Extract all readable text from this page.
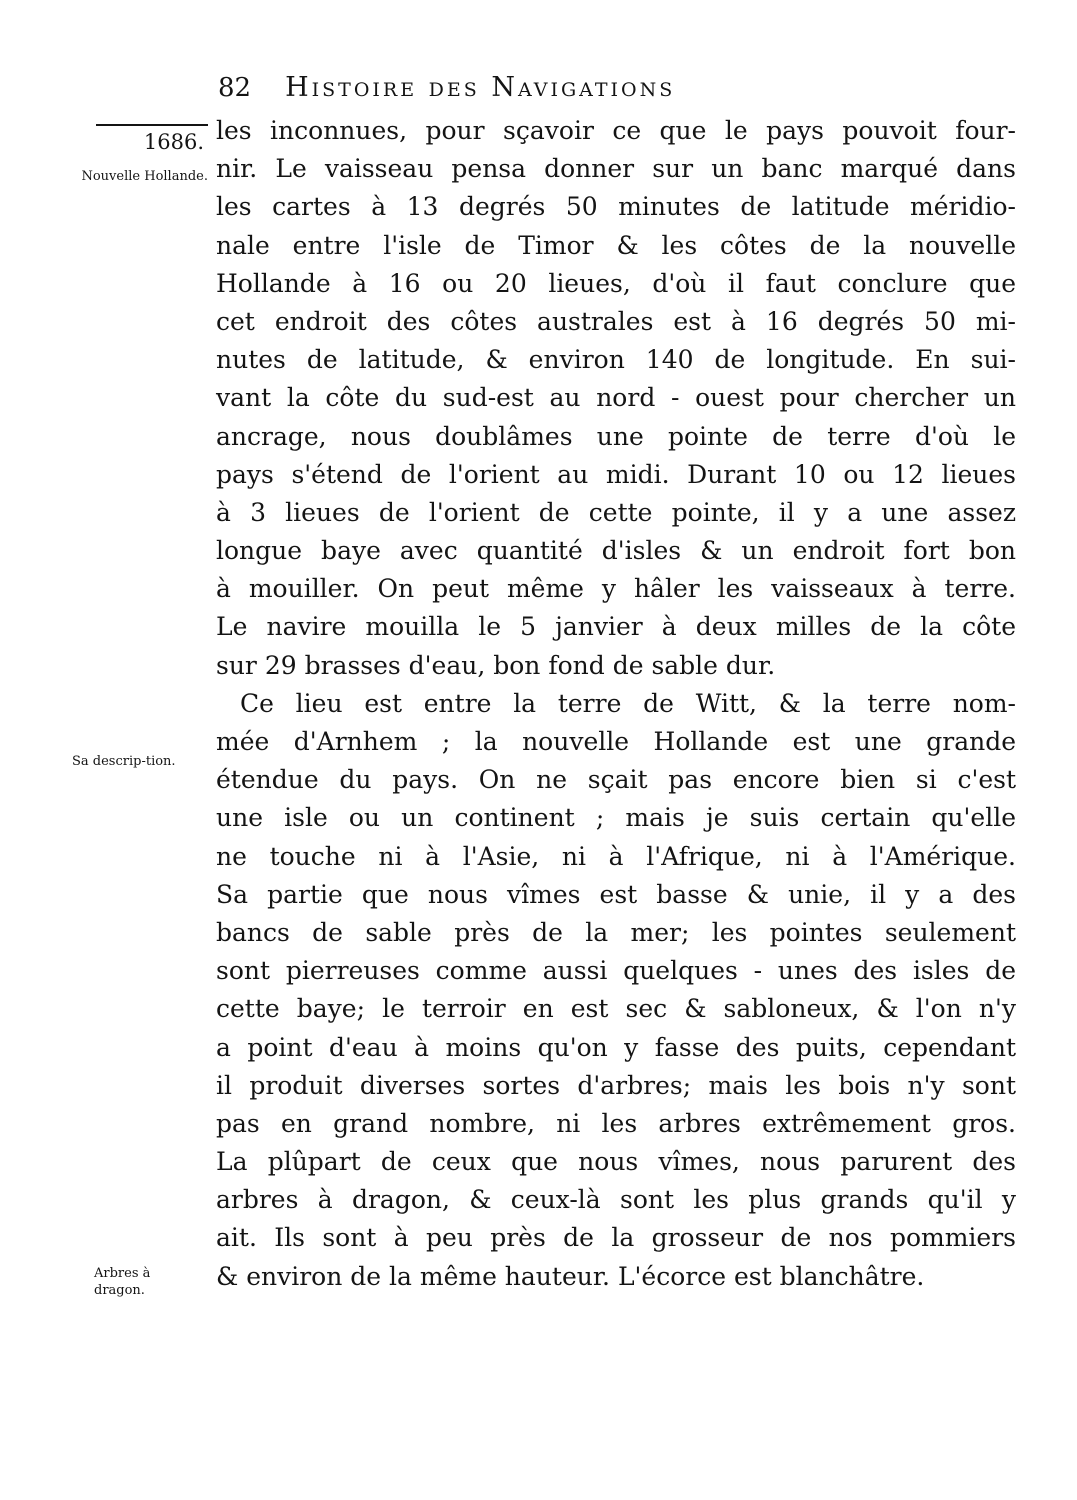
82 Histoire des Navigations
1686.
Nouvelle Hollande.
Sa descrip-tion.
Arbres à dragon.
les inconnues, pour sçavoir ce que le pays pouvoit four-
nir. Le vaisseau pensa donner sur un banc marqué dans
les cartes à 13 degrés 50 minutes de latitude méridio-
nale entre l'isle de Timor & les côtes de la nouvelle
Hollande à 16 ou 20 lieues, d'où il faut conclure que
cet endroit des côtes australes est à 16 degrés 50 mi-
nutes de latitude, & environ 140 de longitude. En sui-
vant la côte du sud-est au nord - ouest pour chercher un
ancrage, nous doublâmes une pointe de terre d'où le
pays s'étend de l'orient au midi. Durant 10 ou 12 lieues
à 3 lieues de l'orient de cette pointe, il y a une assez
longue baye avec quantité d'isles & un endroit fort bon
à mouiller. On peut même y hâler les vaisseaux à terre.
Le navire mouilla le 5 janvier à deux milles de la côte
sur 29 brasses d'eau, bon fond de sable dur.
Ce lieu est entre la terre de Witt, & la terre nom-
mée d'Arnhem ; la nouvelle Hollande est une grande
étendue du pays. On ne sçait pas encore bien si c'est
une isle ou un continent ; mais je suis certain qu'elle
ne touche ni à l'Asie, ni à l'Afrique, ni à l'Amérique.
Sa partie que nous vîmes est basse & unie, il y a des
bancs de sable près de la mer; les pointes seulement
sont pierreuses comme aussi quelques - unes des isles de
cette baye; le terroir en est sec & sabloneux, & l'on n'y
a point d'eau à moins qu'on y fasse des puits, cependant
il produit diverses sortes d'arbres; mais les bois n'y sont
pas en grand nombre, ni les arbres extrêmement gros.
La plûpart de ceux que nous vîmes, nous parurent des
arbres à dragon, & ceux-là sont les plus grands qu'il y
ait. Ils sont à peu près de la grosseur de nos pommiers
& environ de la même hauteur. L'écorce est blanchâtre.
